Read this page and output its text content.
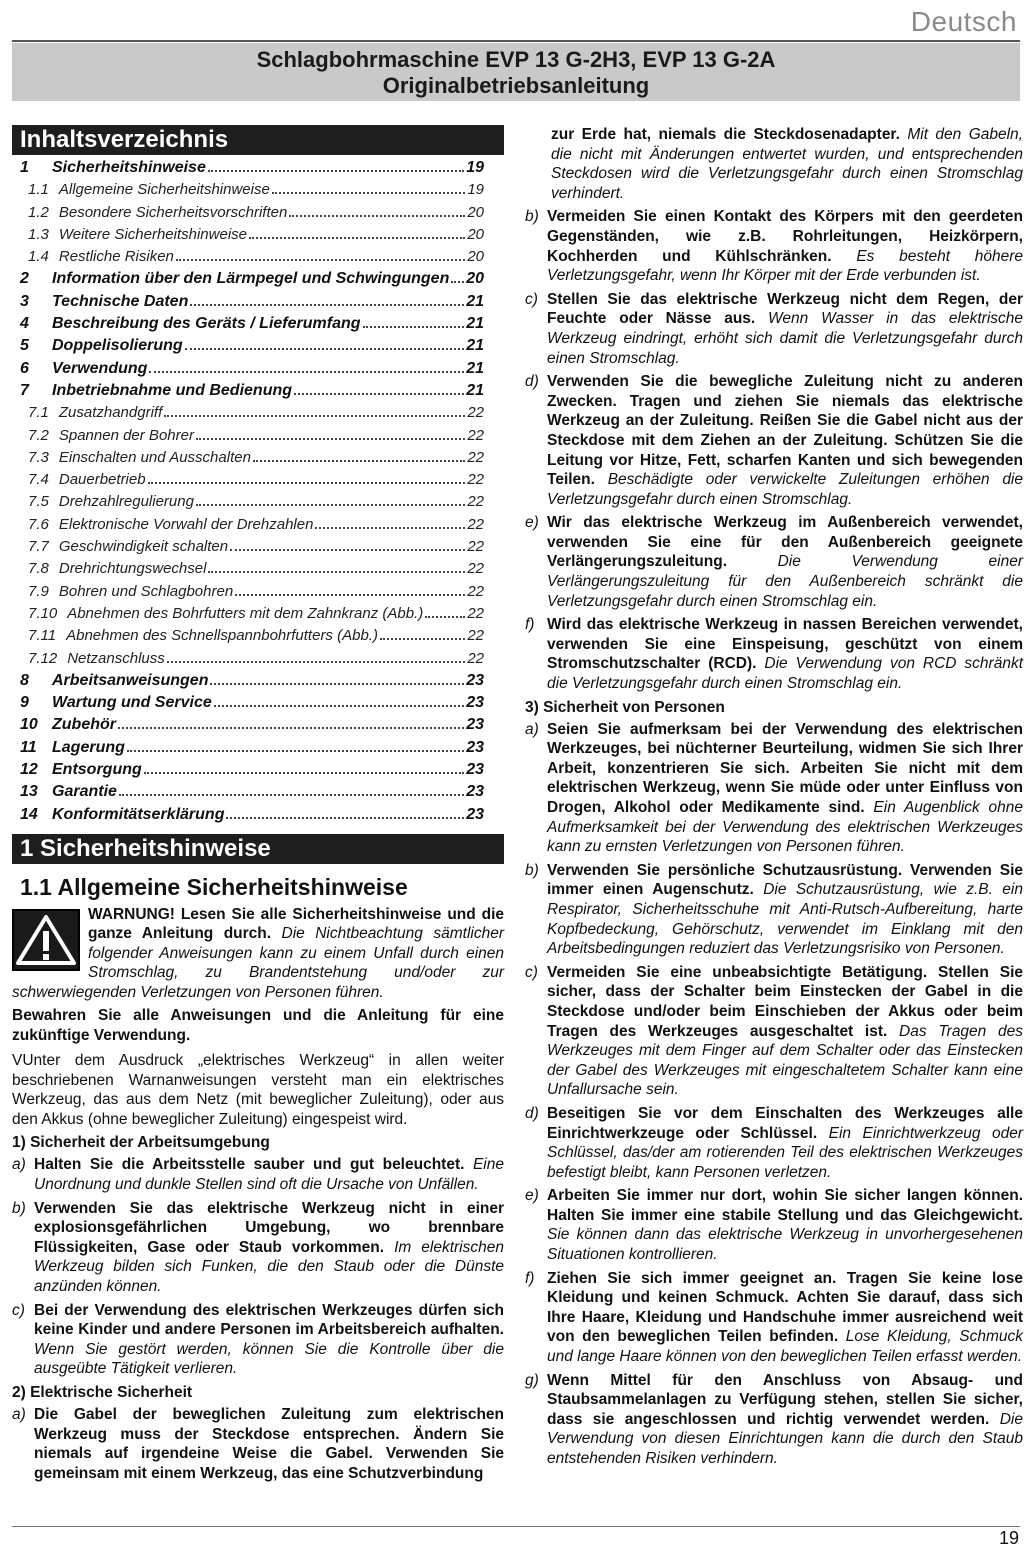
Deutsch
Schlagbohrmaschine EVP 13 G-2H3, EVP 13 G-2A
Originalbetriebsanleitung
Inhaltsverzeichnis
1	Sicherheitshinweise	19
1.1 Allgemeine Sicherheitshinweise	19
1.2 Besondere Sicherheitsvorschriften	20
1.3 Weitere Sicherheitshinweise	20
1.4 Restliche Risiken	20
2	Information über den Lärmpegel und Schwingungen 20
3	Technische Daten	21
4	Beschreibung des Geräts / Lieferumfang	21
5	Doppelisolierung	21
6	Verwendung	21
7	Inbetriebnahme und Bedienung	21
7.1 Zusatzhandgriff	22
7.2 Spannen der Bohrer	22
7.3 Einschalten und Ausschalten	22
7.4 Dauerbetrieb	22
7.5 Drehzahlregulierung	22
7.6 Elektronische Vorwahl der Drehzahlen	22
7.7 Geschwindigkeit schalten	22
7.8 Drehrichtungswechsel	22
7.9 Bohren und Schlagbohren	22
7.10 Abnehmen des Bohrfutters mit dem Zahnkranz (Abb.)	22
7.11 Abnehmen des Schnellspannbohrfutters (Abb.)	22
7.12 Netzanschluss	22
8	Arbeitsanweisungen	23
9	Wartung und Service	23
10 Zubehör	23
11 Lagerung	23
12 Entsorgung	23
13 Garantie	23
14 Konformitätserklärung	23
1 Sicherheitshinweise
1.1 Allgemeine Sicherheitshinweise
WARNUNG! Lesen Sie alle Sicherheitshinweise und die ganze Anleitung durch. Die Nichtbeachtung sämtlicher folgender Anweisungen kann zu einem Unfall durch einen Stromschlag, zu Brandentstehung und/oder zur schwerwiegenden Verletzungen von Personen führen.
Bewahren Sie alle Anweisungen und die Anleitung für eine zukünftige Verwendung.
VUnter dem Ausdruck „elektrisches Werkzeug“ in allen weiter beschriebenen Warnanweisungen versteht man ein elektrisches Werkzeug, das aus dem Netz (mit beweglicher Zuleitung), oder aus den Akkus (ohne beweglicher Zuleitung) eingespeist wird.
1) Sicherheit der Arbeitsumgebung
a) Halten Sie die Arbeitsstelle sauber und gut beleuchtet. Eine Unordnung und dunkle Stellen sind oft die Ursache von Unfällen.
b) Verwenden Sie das elektrische Werkzeug nicht in einer explosionsgefährlichen Umgebung, wo brennbare Flüssigkeiten, Gase oder Staub vorkommen. Im elektrischen Werkzeug bilden sich Funken, die den Staub oder die Dünste anzünden können.
c) Bei der Verwendung des elektrischen Werkzeuges dürfen sich keine Kinder und andere Personen im Arbeitsbereich aufhalten. Wenn Sie gestört werden, können Sie die Kontrolle über die ausgeübte Tätigkeit verlieren.
2) Elektrische Sicherheit
a) Die Gabel der beweglichen Zuleitung zum elektrischen Werkzeug muss der Steckdose entsprechen. Ändern Sie niemals auf irgendeine Weise die Gabel. Verwenden Sie gemeinsam mit einem Werkzeug, das eine Schutzverbindung
zur Erde hat, niemals die Steckdosenadapter. Mit den Gabeln, die nicht mit Änderungen entwertet wurden, und entsprechenden Steckdosen wird die Verletzungsgefahr durch einen Stromschlag verhindert.
b) Vermeiden Sie einen Kontakt des Körpers mit den geerdeten Gegenständen, wie z.B. Rohrleitungen, Heizkörpern, Kochherden und Kühlschränken. Es besteht höhere Verletzungsgefahr, wenn Ihr Körper mit der Erde verbunden ist.
c) Stellen Sie das elektrische Werkzeug nicht dem Regen, der Feuchte oder Nässe aus. Wenn Wasser in das elektrische Werkzeug eindringt, erhöht sich damit die Verletzungsgefahr durch einen Stromschlag.
d) Verwenden Sie die bewegliche Zuleitung nicht zu anderen Zwecken. Tragen und ziehen Sie niemals das elektrische Werkzeug an der Zuleitung. Reißen Sie die Gabel nicht aus der Steckdose mit dem Ziehen an der Zuleitung. Schützen Sie die Leitung vor Hitze, Fett, scharfen Kanten und sich bewegenden Teilen. Beschädigte oder verwickelte Zuleitungen erhöhen die Verletzungsgefahr durch einen Stromschlag.
e) Wir das elektrische Werkzeug im Außenbereich verwendet, verwenden Sie eine für den Außenbereich geeignete Verlängerungszuleitung. Die Verwendung einer Verlängerungszuleitung für den Außenbereich schränkt die Verletzungsgefahr durch einen Stromschlag ein.
f) Wird das elektrische Werkzeug in nassen Bereichen verwendet, verwenden Sie eine Einspeisung, geschützt von einem Stromschutzschalter (RCD). Die Verwendung von RCD schränkt die Verletzungsgefahr durch einen Stromschlag ein.
3) Sicherheit von Personen
a) Seien Sie aufmerksam bei der Verwendung des elektrischen Werkzeuges, bei nüchterner Beurteilung, widmen Sie sich Ihrer Arbeit, konzentrieren Sie sich. Arbeiten Sie nicht mit dem elektrischen Werkzeug, wenn Sie müde oder unter Einfluss von Drogen, Alkohol oder Medikamente sind. Ein Augenblick ohne Aufmerksamkeit bei der Verwendung des elektrischen Werkzeuges kann zu ernsten Verletzungen von Personen führen.
b) Verwenden Sie persönliche Schutzausrüstung. Verwenden Sie immer einen Augenschutz. Die Schutzausrüstung, wie z.B. ein Respirator, Sicherheitsschuhe mit Anti-Rutsch-Aufbereitung, harte Kopfbedeckung, Gehörschutz, verwendet im Einklang mit den Arbeitsbedingungen reduziert das Verletzungsrisiko von Personen.
c) Vermeiden Sie eine unbeabsichtigte Betätigung. Stellen Sie sicher, dass der Schalter beim Einstecken der Gabel in die Steckdose und/oder beim Einschieben der Akkus oder beim Tragen des Werkzeuges ausgeschaltet ist. Das Tragen des Werkzeuges mit dem Finger auf dem Schalter oder das Einstecken der Gabel des Werkzeuges mit eingeschaltetem Schalter kann eine Unfallursache sein.
d) Beseitigen Sie vor dem Einschalten des Werkzeuges alle Einrichtwerkzeuge oder Schlüssel. Ein Einrichtwerkzeug oder Schlüssel, das/der am rotierenden Teil des elektrischen Werkzeuges befestigt bleibt, kann Personen verletzen.
e) Arbeiten Sie immer nur dort, wohin Sie sicher langen können. Halten Sie immer eine stabile Stellung und das Gleichgewicht. Sie können dann das elektrische Werkzeug in unvorhergesehenen Situationen kontrollieren.
f) Ziehen Sie sich immer geeignet an. Tragen Sie keine lose Kleidung und keinen Schmuck. Achten Sie darauf, dass sich Ihre Haare, Kleidung und Handschuhe immer ausreichend weit von den beweglichen Teilen befinden. Lose Kleidung, Schmuck und lange Haare können von den beweglichen Teilen erfasst werden.
g) Wenn Mittel für den Anschluss von Absaug- und Staubsammelanlagen zu Verfügung stehen, stellen Sie sicher, dass sie angeschlossen und richtig verwendet werden. Die Verwendung von diesen Einrichtungen kann die durch den Staub entstehenden Risiken verhindern.
19
